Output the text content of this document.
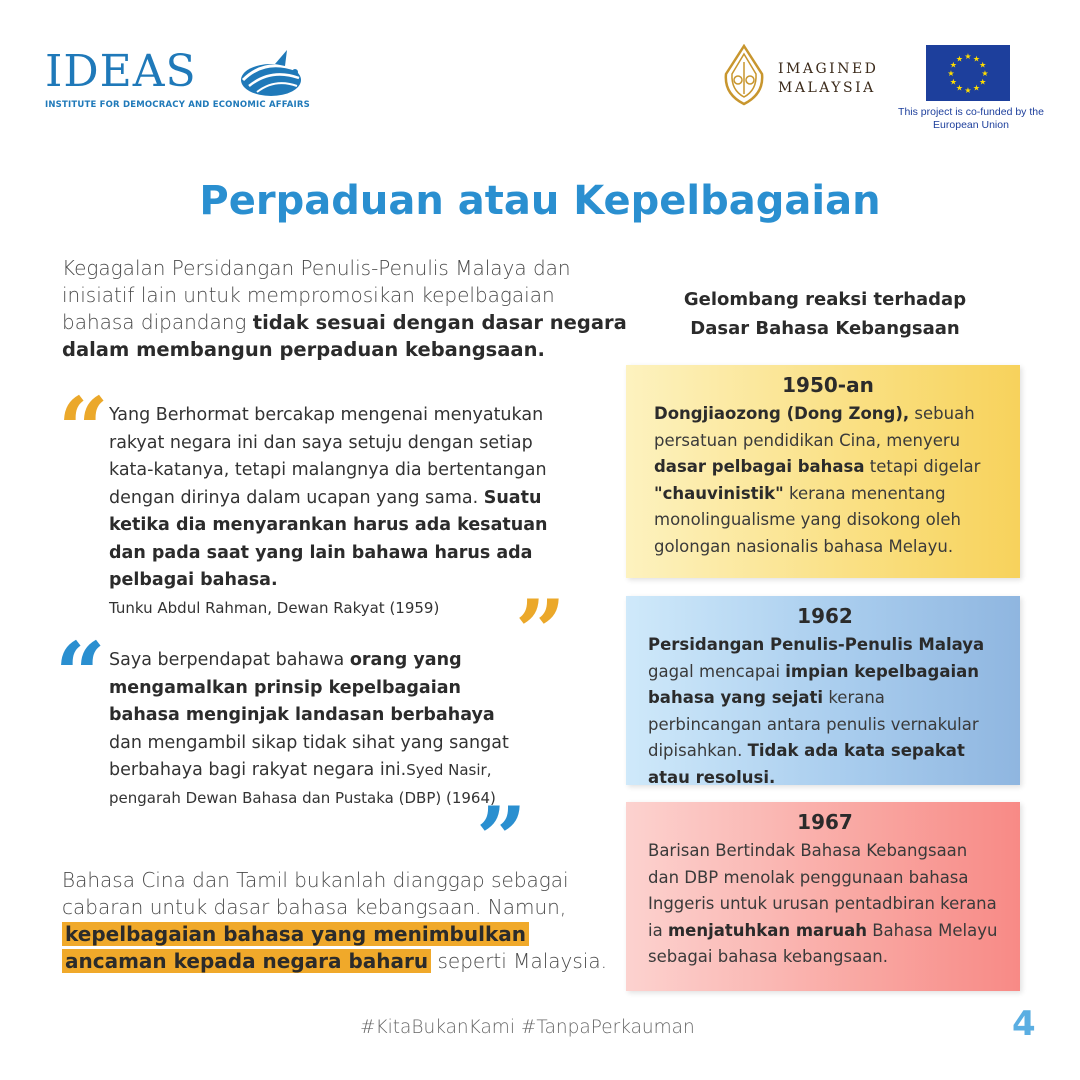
IDEAS
INSTITUTE FOR DEMOCRACY AND ECONOMIC AFFAIRS
IMAGINED
MALAYSIA
★ ★
★
★
★
★
★
★
★
★
★
★
This project is co-funded by the European Union
Perpaduan atau Kepelbagaian
Kegagalan Persidangan Penulis-Penulis Malaya dan inisiatif lain untuk mempromosikan kepelbagaian bahasa dipandang tidak sesuai dengan dasar negara dalam membangun perpaduan kebangsaan.
“ Yang Berhormat bercakap mengenai menyatukan rakyat negara ini dan saya setuju dengan setiap kata-katanya, tetapi malangnya dia bertentangan dengan dirinya dalam ucapan yang sama. Suatu ketika dia menyarankan harus ada kesatuan dan pada saat yang lain bahawa harus ada pelbagai bahasa.
Tunku Abdul Rahman, Dewan Rakyat (1959) ”
“ Saya berpendapat bahawa orang yang mengamalkan prinsip kepelbagaian bahasa menginjak landasan berbahaya dan mengambil sikap tidak sihat yang sangat berbahaya bagi rakyat negara ini.Syed Nasir, pengarah Dewan Bahasa dan Pustaka (DBP) (1964)
”
Bahasa Cina dan Tamil bukanlah dianggap sebagai cabaran untuk dasar bahasa kebangsaan. Namun,
kepelbagaian bahasa yang menimbulkan
ancaman kepada negara baharu seperti Malaysia.
Gelombang reaksi terhadap
Dasar Bahasa Kebangsaan
1950-an
Dongjiaozong (Dong Zong), sebuah persatuan pendidikan Cina, menyeru dasar pelbagai bahasa tetapi digelar "chauvinistik" kerana menentang monolingualisme yang disokong oleh golongan nasionalis bahasa Melayu.
1962
Persidangan Penulis-Penulis Malaya gagal mencapai impian kepelbagaian bahasa yang sejati kerana perbincangan antara penulis vernakular dipisahkan. Tidak ada kata sepakat atau resolusi.
1967
Barisan Bertindak Bahasa Kebangsaan dan DBP menolak penggunaan bahasa Inggeris untuk urusan pentadbiran kerana ia menjatuhkan maruah Bahasa Melayu sebagai bahasa kebangsaan.
#KitaBukanKami #TanpaPerkauman	4
